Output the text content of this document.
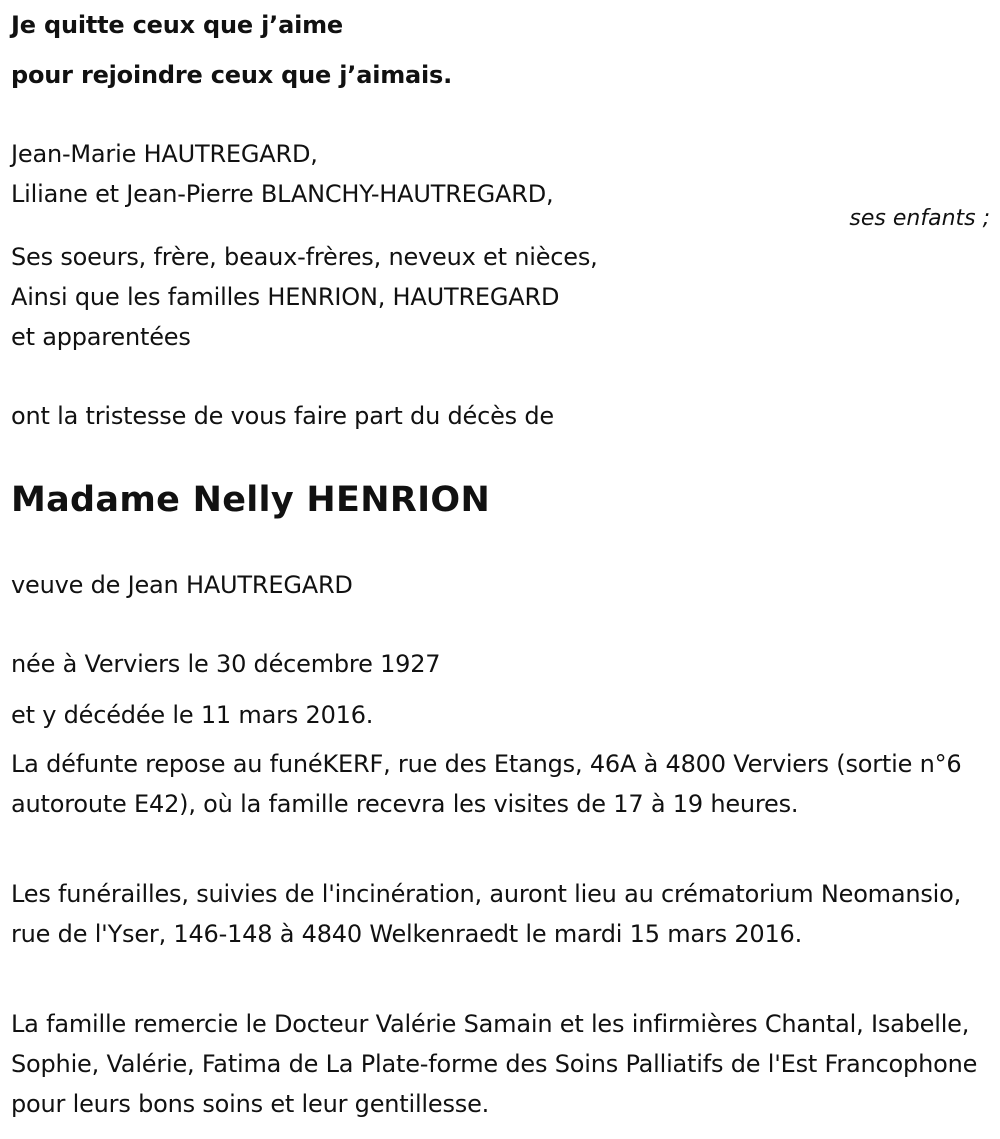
Je quitte ceux que j’aime

pour rejoindre ceux que j’aimais.

Jean-Marie HAUTREGARD,

Liliane et Jean-Pierre BLANCHY-HAUTREGARD,

ses enfants ;

Ses soeurs, frère, beaux-frères, neveux et nièces,

Ainsi que les familles HENRION, HAUTREGARD

et apparentées

ont la tristesse de vous faire part du décès de

Madame Nelly HENRION

veuve de Jean HAUTREGARD

née à Verviers le 30 décembre 1927

et y décédée le 11 mars 2016.

La défunte repose au funéKERF, rue des Etangs, 46A à 4800 Verviers (sortie n°6 autoroute E42), où la famille recevra les visites de 17 à 19 heures.

Les funérailles, suivies de l'incinération, auront lieu au crématorium Neomansio, rue de l'Yser, 146-148 à 4840 Welkenraedt le mardi 15 mars 2016.

La famille remercie le Docteur Valérie Samain et les infirmières Chantal, Isabelle, Sophie, Valérie, Fatima de La Plate-forme des Soins Palliatifs de l'Est Francophone pour leurs bons soins et leur gentillesse.
